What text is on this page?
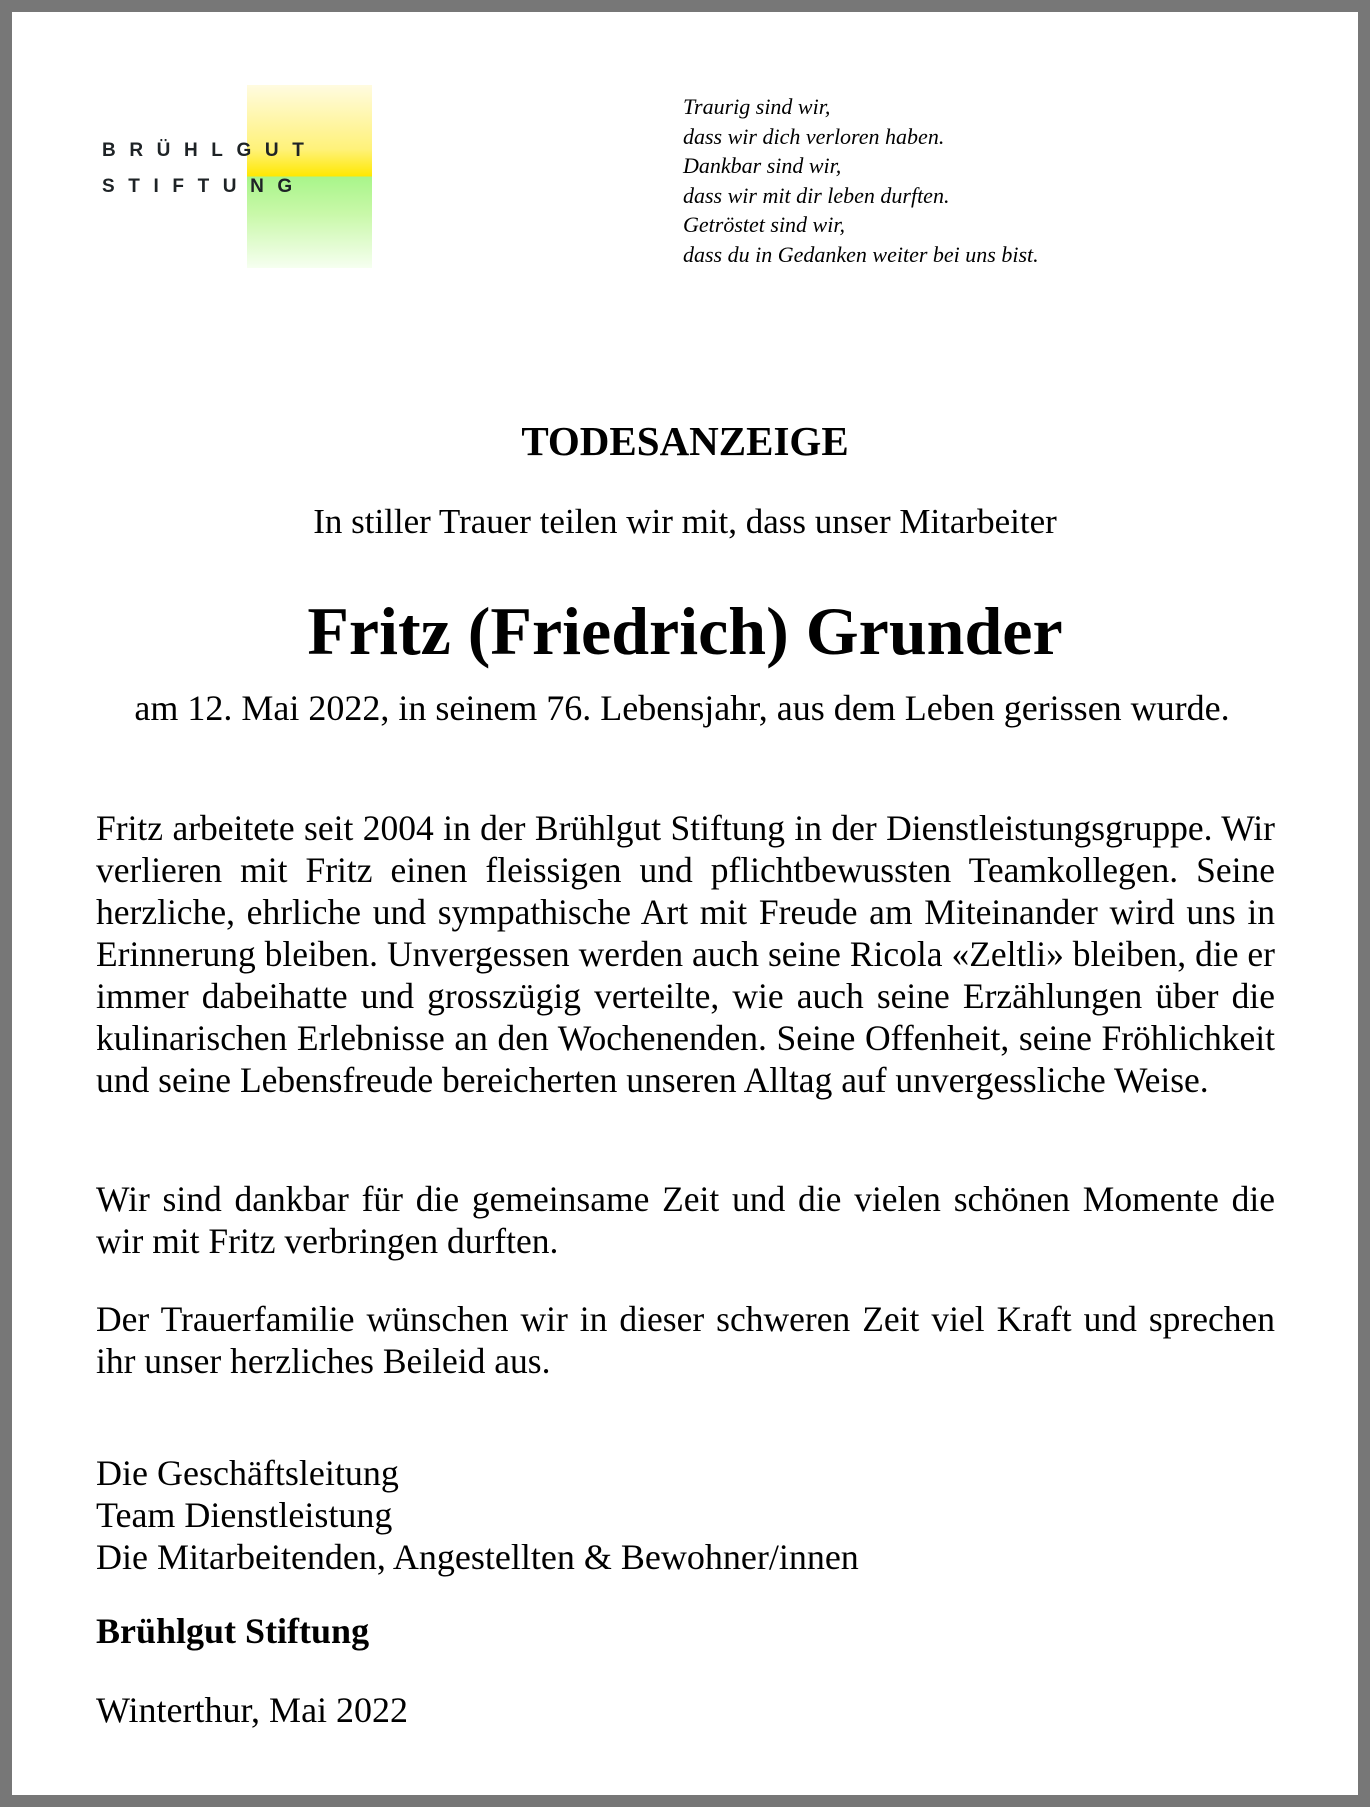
BRÜHLGUT
STIFTUNG
Traurig sind wir,
dass wir dich verloren haben.
Dankbar sind wir,
dass wir mit dir leben durften.
Getröstet sind wir,
dass du in Gedanken weiter bei uns bist.
TODESANZEIGE
In stiller Trauer teilen wir mit, dass unser Mitarbeiter
Fritz (Friedrich) Grunder
am 12. Mai 2022, in seinem 76. Lebensjahr, aus dem Leben gerissen wurde.
Fritz arbeitete seit 2004 in der Brühlgut Stiftung in der Dienstleistungsgruppe. Wir verlieren mit Fritz einen fleissigen und pflichtbewussten Teamkollegen. Seine herzliche, ehrliche und sympathische Art mit Freude am Miteinander wird uns in Erinnerung bleiben. Unvergessen werden auch seine Ricola «Zeltli» bleiben, die er immer dabeihatte und grosszügig verteilte, wie auch seine Erzählungen über die kulinarischen Erlebnisse an den Wochenenden. Seine Offenheit, seine Fröhlichkeit und seine Lebensfreude bereicherten unseren Alltag auf unvergessliche Weise.
Wir sind dankbar für die gemeinsame Zeit und die vielen schönen Momente die wir mit Fritz verbringen durften.
Der Trauerfamilie wünschen wir in dieser schweren Zeit viel Kraft und sprechen ihr unser herzliches Beileid aus.
Die Geschäftsleitung
Team Dienstleistung
Die Mitarbeitenden, Angestellten & Bewohner/innen
Brühlgut Stiftung
Winterthur, Mai 2022
